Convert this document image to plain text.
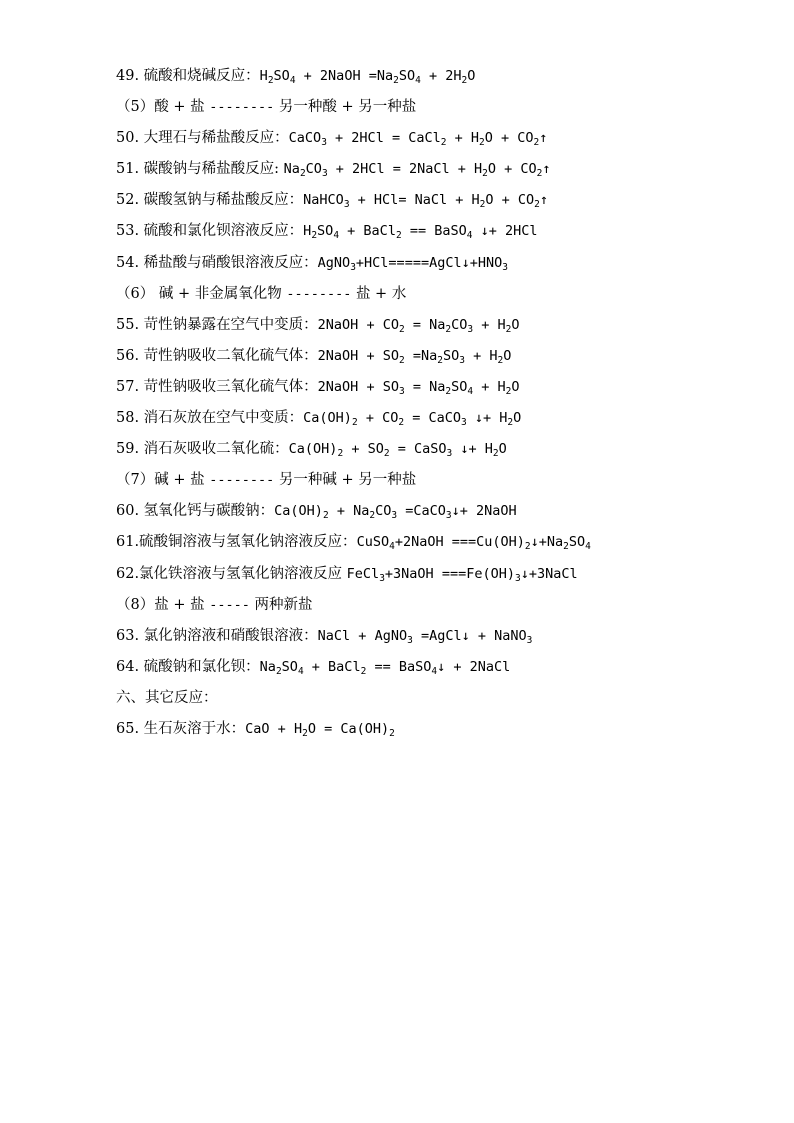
49. 硫酸和烧碱反应：$H_2SO_4$ + 2NaOH $=Na_2SO_4 + 2H_2O$
（5）酸 + 盐 -------- 另一种酸 + 另一种盐
50. 大理石与稀盐酸反应：CaCO$_3$ + 2HCl = CaCl$_2$ + $H_2O$ + $CO_2↑$
51. 碳酸钠与稀盐酸反应: $Na_2CO_3 + 2HCl$ = 2NaCl + $H_2O$ + $CO_2↑$
52. 碳酸氢钠与稀盐酸反应：NaHCO$_3$ + HCl= NaCl + $H_2O$ + $CO_2↑$
53. 硫酸和氯化钡溶液反应：$H_2SO_4$ + BaCl$_2$ == BaSO$_4$ ↓+ 2HCl
54. 稀盐酸与硝酸银溶液反应：$AgNO_3+HCl=====AgCl↓+HNO_3$
（6） 碱 + 非金属氧化物 -------- 盐 + 水
55. 苛性钠暴露在空气中变质：2NaOH + $CO_2 = Na_2CO_3 + H_2O$
56. 苛性钠吸收二氧化硫气体：2NaOH + $SO_2 =Na_2SO_3 + H_2O$
57. 苛性钠吸收三氧化硫气体：2NaOH + $SO_3 = Na_2SO_4 + H_2O$
58. 消石灰放在空气中变质：$Ca(OH)_2 + CO_2$ = CaCO$_3$ ↓+ $H_2O$
59. 消石灰吸收二氧化硫：$Ca(OH)_2 + SO_2$ = CaSO$_3$ ↓+ $H_2O$
（7）碱 + 盐 -------- 另一种碱 + 另一种盐
60. 氢氧化钙与碳酸钠：$Ca(OH)_2 + Na_2CO_3$ =CaCO$_3$↓+ 2NaOH
61.硫酸铜溶液与氢氧化钠溶液反应：CuSO$_4$+2NaOH $===Cu(OH)_2↓+Na_2SO_4$
62.氯化铁溶液与氢氧化钠溶液反应 FeCl$_3$+3NaOH $===Fe(OH)_3↓+3NaCl$
（8）盐 + 盐 ----- 两种新盐
63. 氯化钠溶液和硝酸银溶液：NaCl + AgNO$_3$ =AgCl↓ + NaNO$_3$
64. 硫酸钠和氯化钡：$Na_2SO_4$ + BaCl$_2$ == BaSO$_4$↓ + 2NaCl
六、其它反应：
65. 生石灰溶于水：CaO + $H_2O = Ca(OH)_2$
